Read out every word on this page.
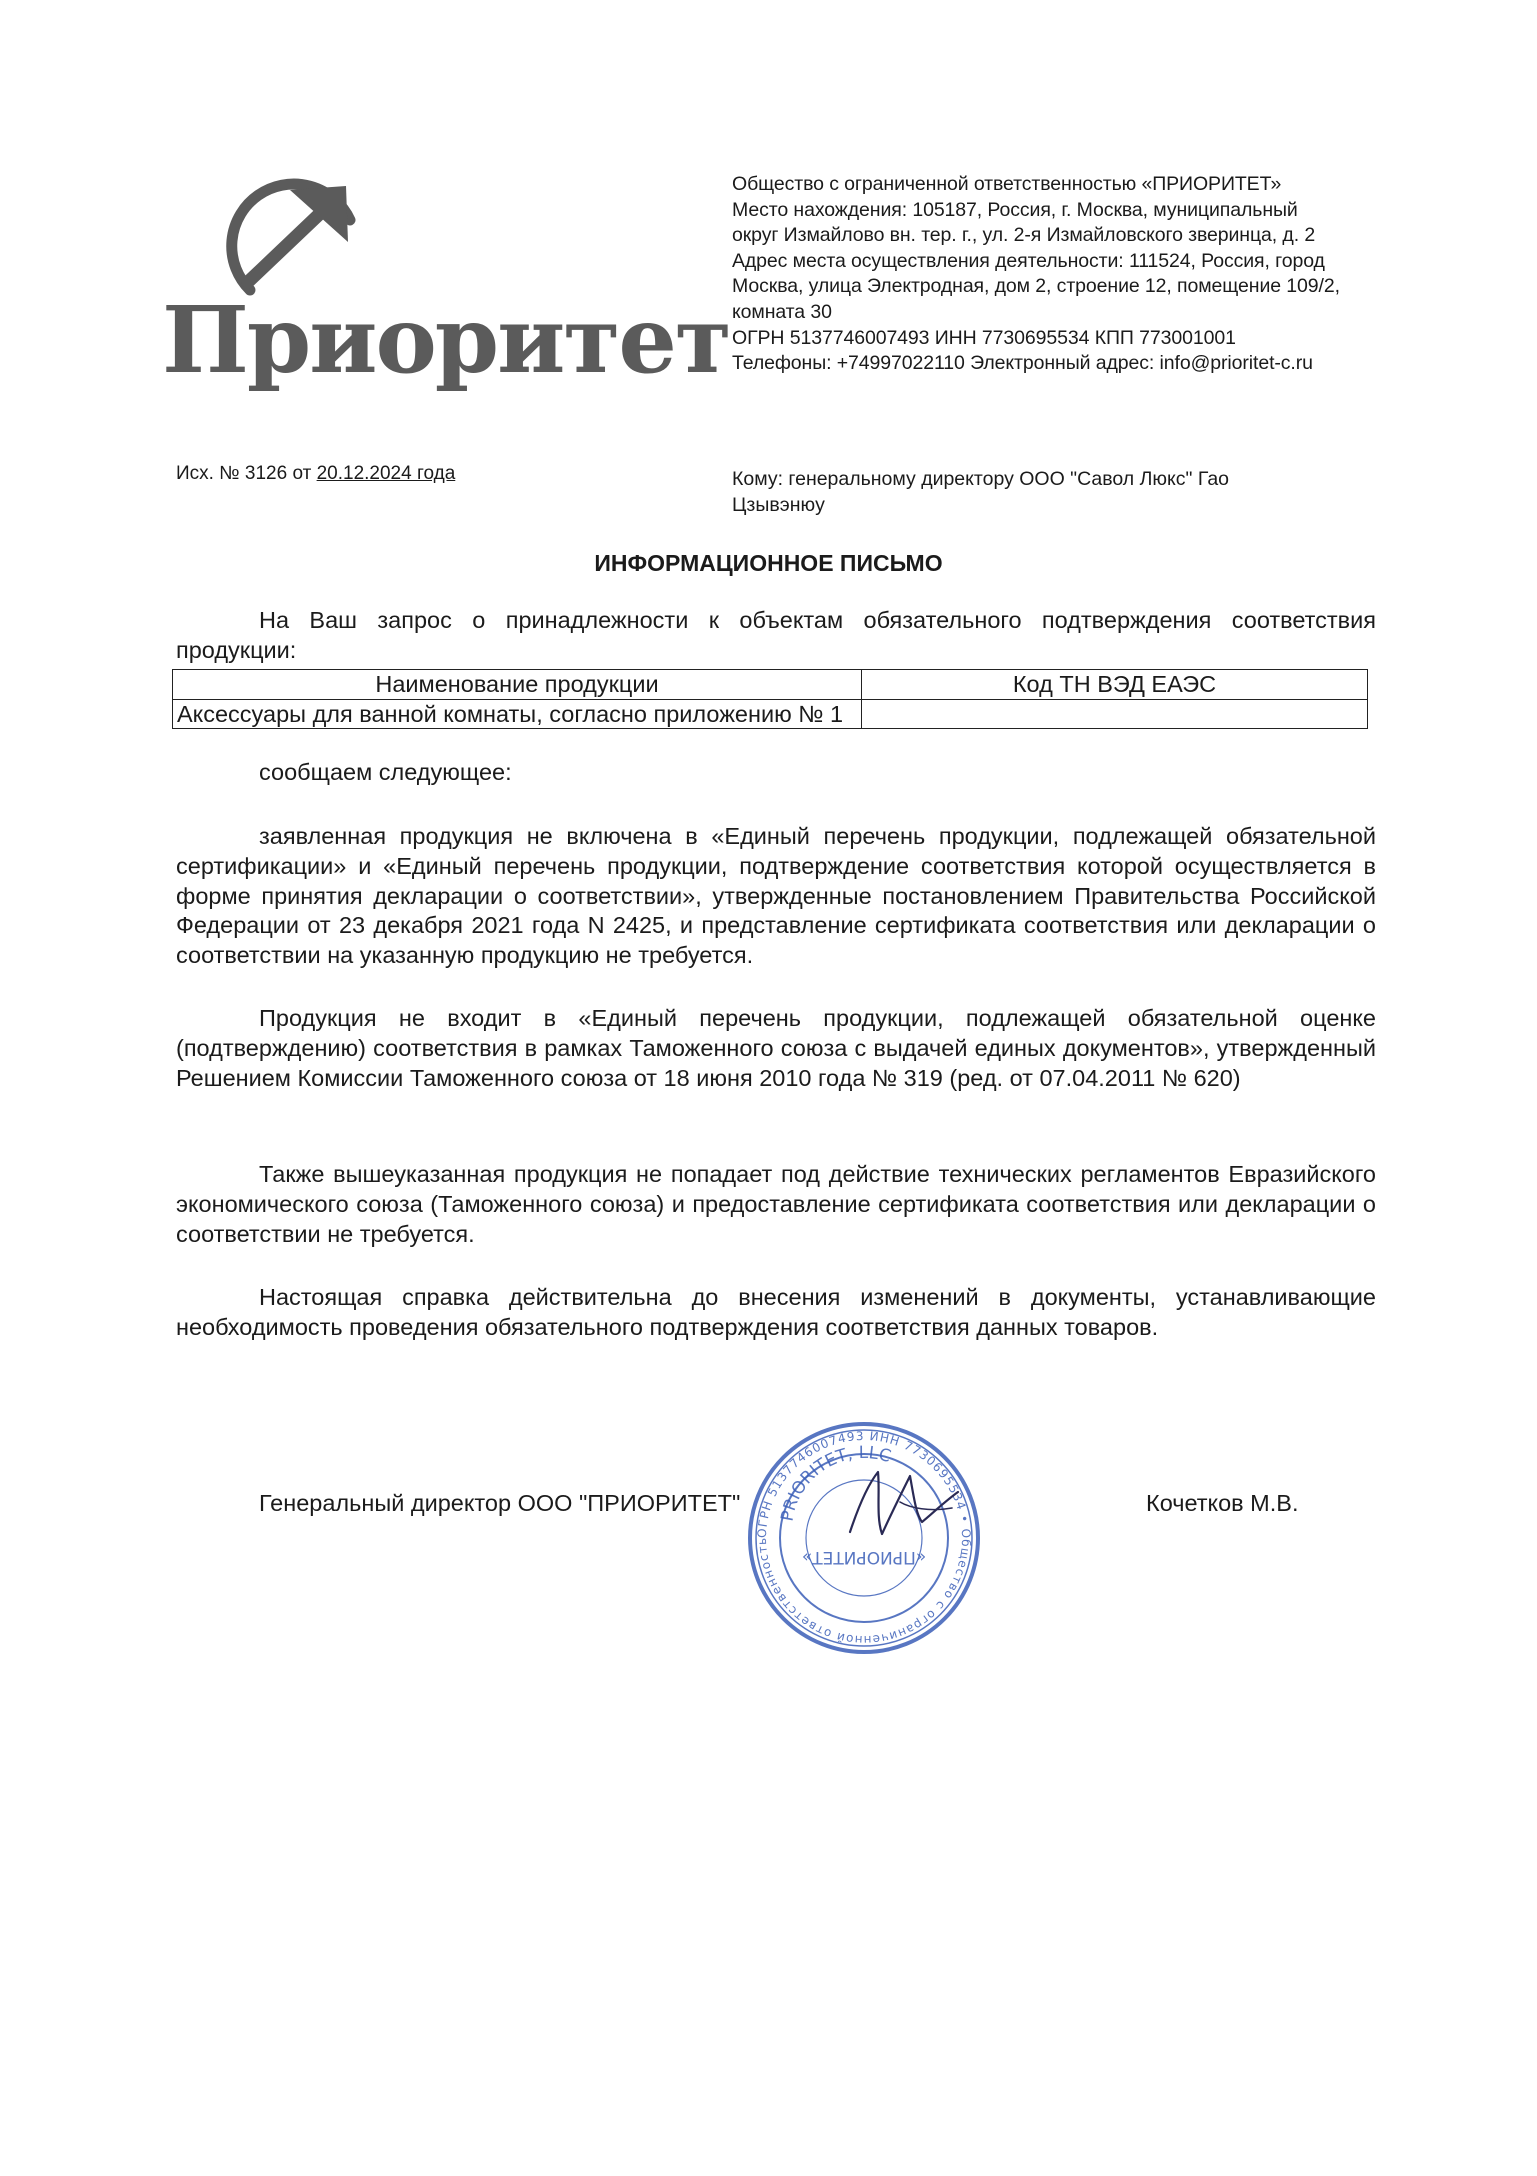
Приоритет
Общество с ограниченной ответственностью «ПРИОРИТЕТ»
Место нахождения: 105187, Россия, г. Москва, муниципальный
округ Измайлово вн. тер. г., ул. 2-я Измайловского зверинца, д. 2
Адрес места осуществления деятельности: 111524, Россия, город
Москва, улица Электродная, дом 2, строение 12, помещение 109/2,
комната 30
ОГРН 5137746007493 ИНН 7730695534 КПП 773001001
Телефоны: +74997022110 Электронный адрес: info@prioritet-c.ru
Исх. № 3126 от 20.12.2024 года	Кому: генеральному директору ООО "Савол Люкс" Гао Цзывэнюу
ИНФОРМАЦИОННОЕ ПИСЬМО
На Ваш запрос о принадлежности к объектам обязательного подтверждения соответствия продукции:
Наименование продукции	Код ТН ВЭД ЕАЭС
Аксессуары для ванной комнаты, согласно приложению № 1	
сообщаем следующее:
заявленная продукция не включена в «Единый перечень продукции, подлежащей обязательной сертификации» и «Единый перечень продукции, подтверждение соответствия которой осуществляется в форме принятия декларации о соответствии», утвержденные постановлением Правительства Российской Федерации от 23 декабря 2021 года N 2425, и представление сертификата соответствия или декларации о соответствии на указанную продукцию не требуется.
Продукция не входит в «Единый перечень продукции, подлежащей обязательной оценке (подтверждению) соответствия в рамках Таможенного союза с выдачей единых документов», утвержденный Решением Комиссии Таможенного союза от 18 июня 2010 года № 319 (ред. от 07.04.2011 № 620)
Также вышеуказанная продукция не попадает под действие технических регламентов Евразийского экономического союза (Таможенного союза) и предоставление сертификата соответствия или декларации о соответствии не требуется.
Настоящая справка действительна до внесения изменений в документы, устанавливающие необходимость проведения обязательного подтверждения соответствия данных товаров.
Генеральный директор ООО "ПРИОРИТЕТ"	Кочетков М.В.
ОГРН 5137746007493 ИНН 7730695534 • Общество с ограниченной ответственность
PRIORITET, LLC
«ПРИОРИТЕТ»
